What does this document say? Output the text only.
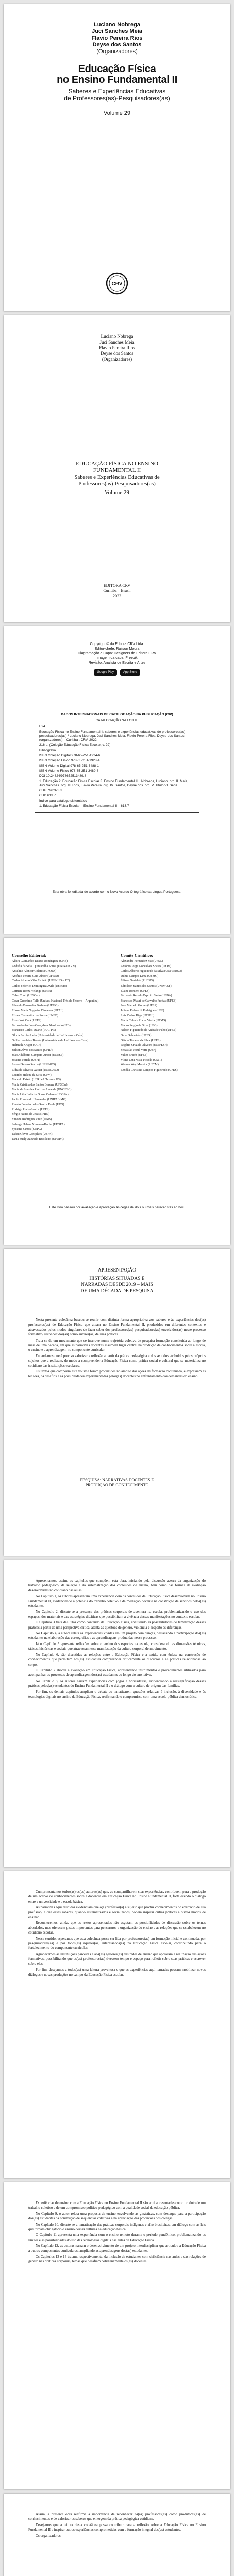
Luciano Nobrega
Juci Sanches Meia
Flavio Pereira Rios
Deyse dos Santos
(Organizadores)
Educação Física
no Ensino Fundamental II
Saberes e Experiências Educativas
de Professores(as)-Pesquisadores(as)
Volume 29
CRV
Luciano Nobrega
Juci Sanches Meia
Flavio Pereira Rios
Deyse dos Santos
(Organizadores)
EDUCAÇÃO FÍSICA NO ENSINO
FUNDAMENTAL II
Saberes e Experiências Educativas de
Professores(as)-Pesquisadores(as)
Volume 29
EDITORA CRV
Curitiba – Brasil
2022
Copyright © da Editora CRV Ltda.
Editor-chefe: Railson Moura
Diagramação e Capa: Designers da Editora CRV
Imagem da capa: Freepik
Revisão: Analista de Escrita e Artes
Google Play	App Store
DADOS INTERNACIONAIS DE CATALOGAÇÃO NA PUBLICAÇÃO (CIP)
CATALOGAÇÃO NA FONTE
E24
Educação Física no Ensino Fundamental II: saberes e experiências educativas de professores(as)-pesquisadores(as) / Luciano Nobrega, Juci Sanches Meia, Flavio Pereira Rios, Deyse dos Santos (organizadores) – Curitiba : CRV, 2022.
216 p. (Coleção Educação Física Escolar, v. 29)
Bibliografia
ISBN Coleção Digital 978-65-251-1924-6
ISBN Coleção Físico 978-65-251-1928-4
ISBN Volume Digital 978-65-251-3488-1
ISBN Volume Físico 978-65-251-3489-8
DOI 10.24824/978652513489.8
1. Educação 2. Educação Física Escolar 3. Ensino Fundamental II I. Nobrega, Luciano. org. II. Meia, Juci Sanches. org. III. Rios, Flavio Pereira. org. IV. Santos, Deyse dos. org. V. Título VI. Série.
CDU 796:373.3
CDD 613.7
Índice para catálogo sistemático
1. Educação Física Escolar – Ensino Fundamental II – 613.7
Esta obra foi editada de acordo com o Novo Acordo Ortográfico da Língua Portuguesa.
Conselho Editorial:
Aldira Guimarães Duarte Domínguez (UNB)
Andréia da Silva Quintanilha Sousa (UNIR/UFRN)
Anselmo Alencar Colares (UFOPA)
Antônio Pereira Gaio Júnior (UFRRJ)
Carlos Alberto Vilar Estêvão (UMINHO – PT)
Carlos Federico Dominguez Avila (Unieuro)
Carmen Tereza Velanga (UNIR)
Celso Conti (UFSCar)
Cesar Gerónimo Tello (Univer. Nacional Três de Febrero – Argentina)
Eduardo Fernandes Barbosa (UFMG)
Elione Maria Nogueira Diogenes (UFAL)
Elizeu Clementino de Souza (UNEB)
Élsio José Corá (UFFS)
Fernando Antônio Gonçalves Alcoforado (IPB)
Francisco Carlos Duarte (PUC-PR)
Gloria Fariñas León (Universidade de La Havana – Cuba)
Guillermo Arias Beatón (Universidade de La Havana – Cuba)
Helmuth Krüger (UCP)
Jailson Alves dos Santos (UFRJ)
João Adalberto Campato Junior (UNESP)
Josania Portela (UFPI)
Leonel Severo Rocha (UNISINOS)
Lídia de Oliveira Xavier (UNIEURO)
Lourdes Helena da Silva (UFV)
Marcelo Paixão (UFRJ e UTexas – US)
Maria Cristina dos Santos Bezerra (UFSCar)
Maria de Lourdes Pinto de Almeida (UNOESC)
Maria Lília Imbiriba Sousa Colares (UFOPA)
Paulo Romualdo Hernandes (UNIFAL-MG)
Renato Francisco dos Santos Paula (UFG)
Rodrigo Pratte-Santos (UFES)
Sérgio Nunes de Jesus (IFRO)
Simone Rodrigues Pinto (UNB)
Solange Helena Ximenes-Rocha (UFOPA)
Sydione Santos (UEPG)
Tadeu Oliver Gonçalves (UFPA)
Tania Suely Azevedo Brasileiro (UFOPA)
Comitê Científico:
Alexandre Fernandez Vaz (UFSC)
Antônio Jorge Gonçalves Soares (UFRJ)
Carlos Alberto Figueiredo da Silva (UNIVERSO)
Dilma Campos Lima (UFMG)
Édison Gastaldo (PUCRS)
Edmilson Santos dos Santos (UNIVASF)
Elaine Romero (UFES)
Fernando Reis do Espírito Santo (UFBA)
Francisco Mauri de Carvalho Freitas (UFES)
Ivan Marcelo Gomes (UFES)
Juliana Pedreschi Rodrigues (UFF)
Luiz Carlos Rigo (UFPEL)
Maria Celeste Rocha Vieira (UFMS)
Mauro Sérgio da Silva (UFG)
Nelson Figueiredo de Andrade Filho (UFES)
Omar Schneider (UFES)
Otávio Tavares da Silva (UFES)
Rogério Cruz de Oliveira (UNIFESP)
Sebastião Josué Votre (UFF)
Valter Bracht (UFES)
Vilma Leni Nista-Piccolo (USJT)
Wagner Wey Moreira (UFTM)
Zenólia Christina Campos Figueiredo (UFES)
Este livro passou por avaliação e aprovação às cegas de dois ou mais pareceristas ad hoc.
APRESENTAÇÃO
HISTÓRIAS SITUADAS E
NARRADAS DESDE 2019 – MAIS
DE UMA DÉCADA DE PESQUISA

Nesta presente coletânea buscou-se reunir com distinta forma apropriativa aos saberes e às experiências dos(as) professores(as) de Educação Física que atuam no Ensino Fundamental II, produzidos em diferentes contextos e atravessados pelos modos singulares de fazer-saber dos professores(as)-pesquisadores(as) envolvidos(as) nesse processo formativo, reconhecidos(as) como autores(as) de suas práticas.

Trata-se de um movimento que se inscreve numa trajetória coletiva de pesquisa-formação constituída ao longo de mais de uma década, em que as narrativas docentes assumem lugar central na produção de conhecimentos sobre a escola, o ensino e a aprendizagem no componente curricular.

Entendemos que é preciso valorizar a reflexão a partir da prática pedagógica e dos sentidos atribuídos pelos próprios sujeitos que a realizam, de modo a compreender a Educação Física como prática social e cultural que se materializa no cotidiano das instituições escolares.

Os textos que compõem este volume foram produzidos no âmbito das ações de formação continuada, e expressam as tensões, os desafios e as possibilidades experimentadas pelos(as) docentes no enfrentamento das demandas do ensino.

PESQUISA: NARRATIVAS DOCENTES E
PRODUÇÃO DE CONHECIMENTO

Apresentamos, assim, os capítulos que compõem esta obra, iniciando pela discussão acerca da organização do trabalho pedagógico, da seleção e da sistematização dos conteúdos de ensino, bem como das formas de avaliação desenvolvidas no cotidiano das aulas.

No Capítulo 1, os autores apresentam uma experiência com os conteúdos da Educação Física desenvolvida no Ensino Fundamental II, evidenciando a potência do trabalho coletivo e da mediação docente na construção de sentidos pelos(as) estudantes.

No Capítulo 2, discute-se a presença das práticas corporais de aventura na escola, problematizando o uso dos espaços, dos materiais e das estratégias didáticas que possibilitam a vivência dessas manifestações no contexto escolar.

O Capítulo 3 trata das lutas como conteúdo da Educação Física, analisando as possibilidades de tematização dessas práticas a partir de uma perspectiva crítica, atenta às questões de gênero, violência e respeito às diferenças.

No Capítulo 4, a autora relata as experiências vividas em um projeto com danças, destacando a participação dos(as) estudantes na elaboração das coreografias e as aprendizagens produzidas nesse processo.

Já o Capítulo 5 apresenta reflexões sobre o ensino dos esportes na escola, considerando as dimensões técnicas, táticas, históricas e sociais que atravessam essa manifestação da cultura corporal de movimento.

No Capítulo 6, são discutidas as relações entre a Educação Física e a saúde, com ênfase na construção de conhecimentos que permitam aos(às) estudantes compreender criticamente os discursos e as práticas relacionadas ao corpo.

O Capítulo 7 aborda a avaliação em Educação Física, apresentando instrumentos e procedimentos utilizados para acompanhar os processos de aprendizagem dos(as) estudantes ao longo do ano letivo.

No Capítulo 8, os autores narram experiências com jogos e brincadeiras, evidenciando a ressignificação dessas práticas pelos(as) estudantes do Ensino Fundamental II e o diálogo com a cultura de origem das famílias.

Por fim, os demais capítulos ampliam o debate ao tematizarem questões relativas à inclusão, à diversidade e às tecnologias digitais no ensino da Educação Física, reafirmando o compromisso com uma escola pública democrática.

Cumprimentamos todos(as) os(as) autores(as) que, ao compartilharem suas experiências, contribuem para a produção de um acervo de conhecimentos sobre a docência em Educação Física no Ensino Fundamental II, fortalecendo o diálogo entre a universidade e a escola básica.

As narrativas aqui reunidas evidenciam que o(a) professor(a) é sujeito que produz conhecimentos no exercício de sua profissão, e que esses saberes, quando sistematizados e socializados, podem inspirar outras práticas e outros modos de ensinar.

Reconhecemos, ainda, que os textos apresentados não esgotam as possibilidades de discussão sobre os temas abordados, mas oferecem pistas importantes para pensarmos a organização do ensino e as relações que se estabelecem no cotidiano escolar.

Nesse sentido, esperamos que esta coletânea possa ser lida por professores(as) em formação inicial e continuada, por pesquisadores(as) e por todos(as) aqueles(as) interessados(as) na Educação Física escolar, contribuindo para o fortalecimento do componente curricular.

Agradecemos às instituições parceiras e aos(às) gestores(as) das redes de ensino que apoiaram a realização das ações formativas, possibilitando que os(as) professores(as) tivessem tempo e espaço para refletir sobre suas práticas e escrever sobre elas.

Por fim, desejamos a todos(as) uma leitura proveitosa e que as experiências aqui narradas possam mobilizar novos diálogos e novas produções no campo da Educação Física escolar.

Experiências de ensino com a Educação Física no Ensino Fundamental II são aqui apresentadas como produto de um trabalho coletivo e de um compromisso político-pedagógico com a qualidade social da educação pública.

No Capítulo 9, o autor relata uma proposta de ensino envolvendo as ginásticas, com destaque para a participação dos(as) estudantes na construção de sequências coletivas e na apreciação das produções dos colegas.

No Capítulo 10, discute-se a tematização das práticas corporais indígenas e afro-brasileiras, em diálogo com as leis que tornam obrigatório o ensino dessas culturas na educação básica.

O Capítulo 11 apresenta uma experiência com o ensino remoto durante o período pandêmico, problematizando os limites e as possibilidades do uso das tecnologias digitais nas aulas de Educação Física.

No Capítulo 12, as autoras narram o desenvolvimento de um projeto interdisciplinar que articulou a Educação Física a outros componentes curriculares, ampliando as aprendizagens dos(as) estudantes.

Os Capítulos 13 e 14 tratam, respectivamente, da inclusão de estudantes com deficiência nas aulas e das relações de gênero nas práticas corporais, temas que desafiam cotidianamente os(as) docentes.

Assim, a presente obra reafirma a importância de reconhecer os(as) professores(as) como produtores(as) de conhecimentos e de valorizar os saberes que emergem da prática pedagógica cotidiana.

Desejamos que a leitura desta coletânea possa contribuir para a reflexão sobre a Educação Física no Ensino Fundamental II e inspirar outras experiências comprometidas com a formação integral dos(as) estudantes.

Os organizadores.
